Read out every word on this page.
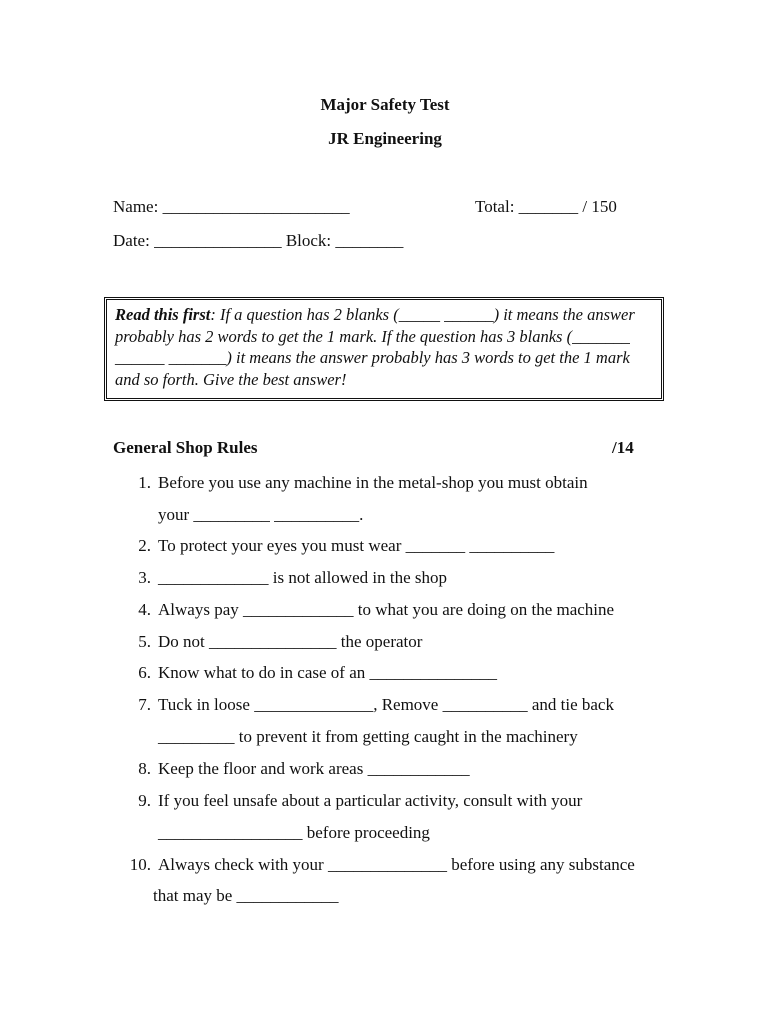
Major Safety Test
JR Engineering
Name: ______________________	Total: _______ / 150
Date: _______________ Block: ________
Read this first: If a question has 2 blanks (_____ ______) it means the answer probably has 2 words to get the 1 mark. If the question has 3 blanks (_______ ______ _______) it means the answer probably has 3 words to get the 1 mark and so forth. Give the best answer!
General Shop Rules	/14
1. Before you use any machine in the metal-shop you must obtain
your _________ __________.
2. To protect your eyes you must wear _______ __________
3. _____________ is not allowed in the shop
4. Always pay _____________ to what you are doing on the machine
5. Do not _______________ the operator
6. Know what to do in case of an _______________
7. Tuck in loose ______________, Remove __________ and tie back
_________ to prevent it from getting caught in the machinery
8. Keep the floor and work areas ____________
9. If you feel unsafe about a particular activity, consult with your
_________________ before proceeding
10. Always check with your ______________ before using any substance
that may be ____________
